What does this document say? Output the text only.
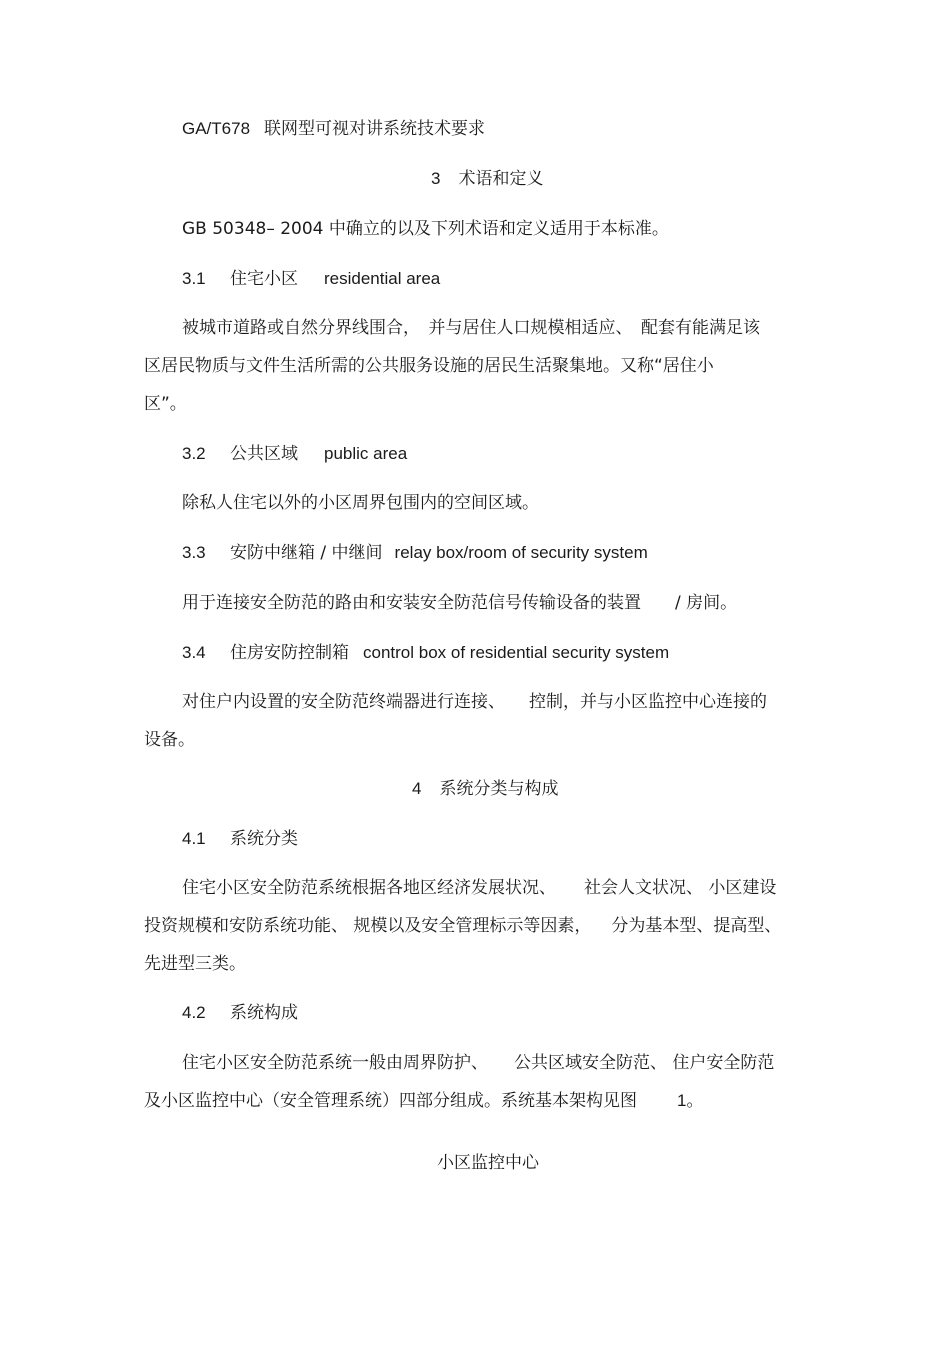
GA/T678 联网型可视对讲系统技术要求
3 术语和定义
GB 50348– 2004 中确立的以及下列术语和定义适用于本标准。
3.1 住宅小区 residential area
被城市道路或自然分界线围合，　并与居住人口规模相适应、　配套有能满足该
区居民物质与文件生活所需的公共服务设施的居民生活聚集地。又称“居住小
区”。
3.2 公共区域 public area
除私人住宅以外的小区周界包围内的空间区域。
3.3 安防中继箱 / 中继间 relay box/room of security system
用于连接安全防范的路由和安装安全防范信号传输设备的装置 / 房间。
3.4 住房安防控制箱 control box of residential security system
对住户内设置的安全防范终端器进行连接、 控制，并与小区监控中心连接的
设备。
4 系统分类与构成
4.1 系统分类
住宅小区安全防范系统根据各地区经济发展状况、 社会人文状况、 小区建设
投资规模和安防系统功能、 规模以及安全管理标示等因素， 分为基本型、提高型、
先进型三类。
4.2 系统构成
住宅小区安全防范系统一般由周界防护、 公共区域安全防范、 住户安全防范
及小区监控中心（安全管理系统）四部分组成。系统基本架构见图 1。
小区监控中心
